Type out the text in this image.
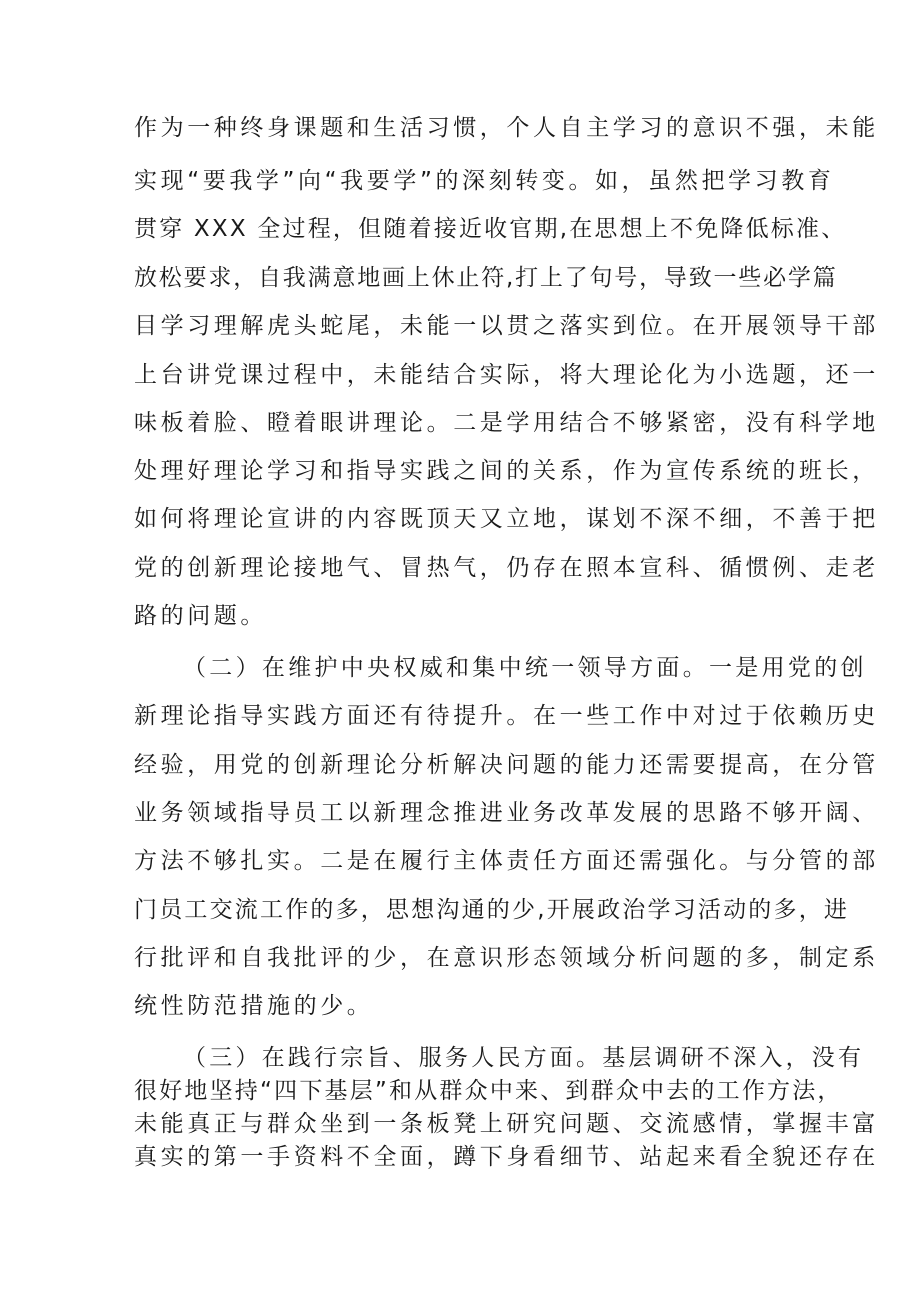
作为一种终身课题和生活习惯，个人自主学习的意识不强，未能
实现“要我学”向“我要学”的深刻转变。如，虽然把学习教育
贯穿 XXX 全过程，但随着接近收官期,在思想上不免降低标准、
放松要求，自我满意地画上休止符,打上了句号，导致一些必学篇
目学习理解虎头蛇尾，未能一以贯之落实到位。在开展领导干部
上台讲党课过程中，未能结合实际，将大理论化为小选题，还一
味板着脸、瞪着眼讲理论。二是学用结合不够紧密，没有科学地
处理好理论学习和指导实践之间的关系，作为宣传系统的班长，
如何将理论宣讲的内容既顶天又立地，谋划不深不细，不善于把
党的创新理论接地气、冒热气，仍存在照本宣科、循惯例、走老
路的问题。
（二）在维护中央权威和集中统一领导方面。一是用党的创
新理论指导实践方面还有待提升。在一些工作中对过于依赖历史
经验，用党的创新理论分析解决问题的能力还需要提高，在分管
业务领域指导员工以新理念推进业务改革发展的思路不够开阔、
方法不够扎实。二是在履行主体责任方面还需强化。与分管的部
门员工交流工作的多，思想沟通的少,开展政治学习活动的多，进
行批评和自我批评的少，在意识形态领域分析问题的多，制定系
统性防范措施的少。
（三）在践行宗旨、服务人民方面。基层调研不深入，没有
很好地坚持“四下基层”和从群众中来、到群众中去的工作方法，
未能真正与群众坐到一条板凳上研究问题、交流感情，掌握丰富
真实的第一手资料不全面，蹲下身看细节、站起来看全貌还存在
